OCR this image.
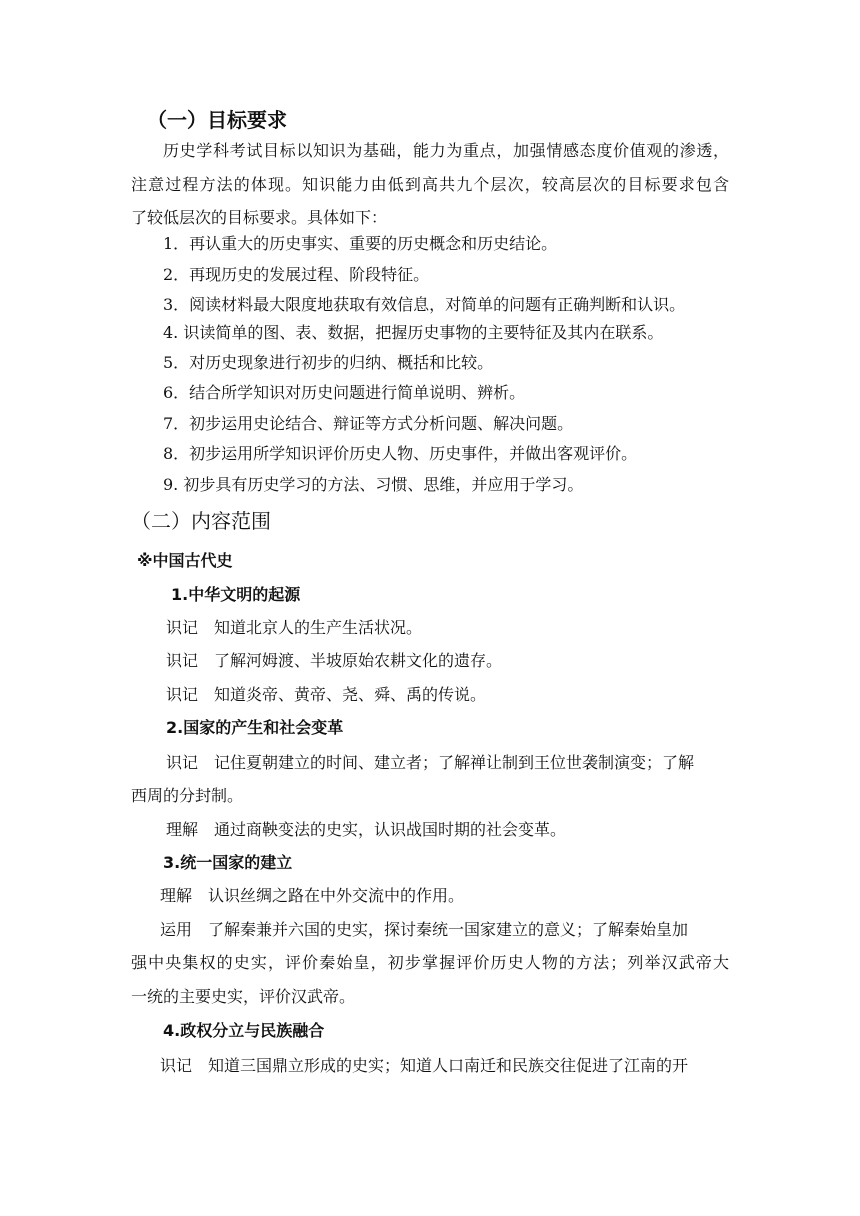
（一）目标要求
历史学科考试目标以知识为基础，能力为重点，加强情感态度价值观的渗透，
注意过程方法的体现。知识能力由低到高共九个层次，较高层次的目标要求包含
了较低层次的目标要求。具体如下：
1．再认重大的历史事实、重要的历史概念和历史结论。
2．再现历史的发展过程、阶段特征。
3．阅读材料最大限度地获取有效信息，对简单的问题有正确判断和认识。
4. 识读简单的图、表、数据，把握历史事物的主要特征及其内在联系。
5．对历史现象进行初步的归纳、概括和比较。
6．结合所学知识对历史问题进行简单说明、辨析。
7．初步运用史论结合、辩证等方式分析问题、解决问题。
8．初步运用所学知识评价历史人物、历史事件，并做出客观评价。
9. 初步具有历史学习的方法、习惯、思维，并应用于学习。
（二）内容范围
※中国古代史
1.中华文明的起源
识记 知道北京人的生产生活状况。
识记 了解河姆渡、半坡原始农耕文化的遗存。
识记 知道炎帝、黄帝、尧、舜、禹的传说。
2.国家的产生和社会变革
识记 记住夏朝建立的时间、建立者；了解禅让制到王位世袭制演变；了解
西周的分封制。
理解 通过商鞅变法的史实，认识战国时期的社会变革。
3.统一国家的建立
理解 认识丝绸之路在中外交流中的作用。
运用 了解秦兼并六国的史实，探讨秦统一国家建立的意义；了解秦始皇加
强中央集权的史实，评价秦始皇，初步掌握评价历史人物的方法；列举汉武帝大
一统的主要史实，评价汉武帝。
4.政权分立与民族融合
识记 知道三国鼎立形成的史实；知道人口南迁和民族交往促进了江南的开
